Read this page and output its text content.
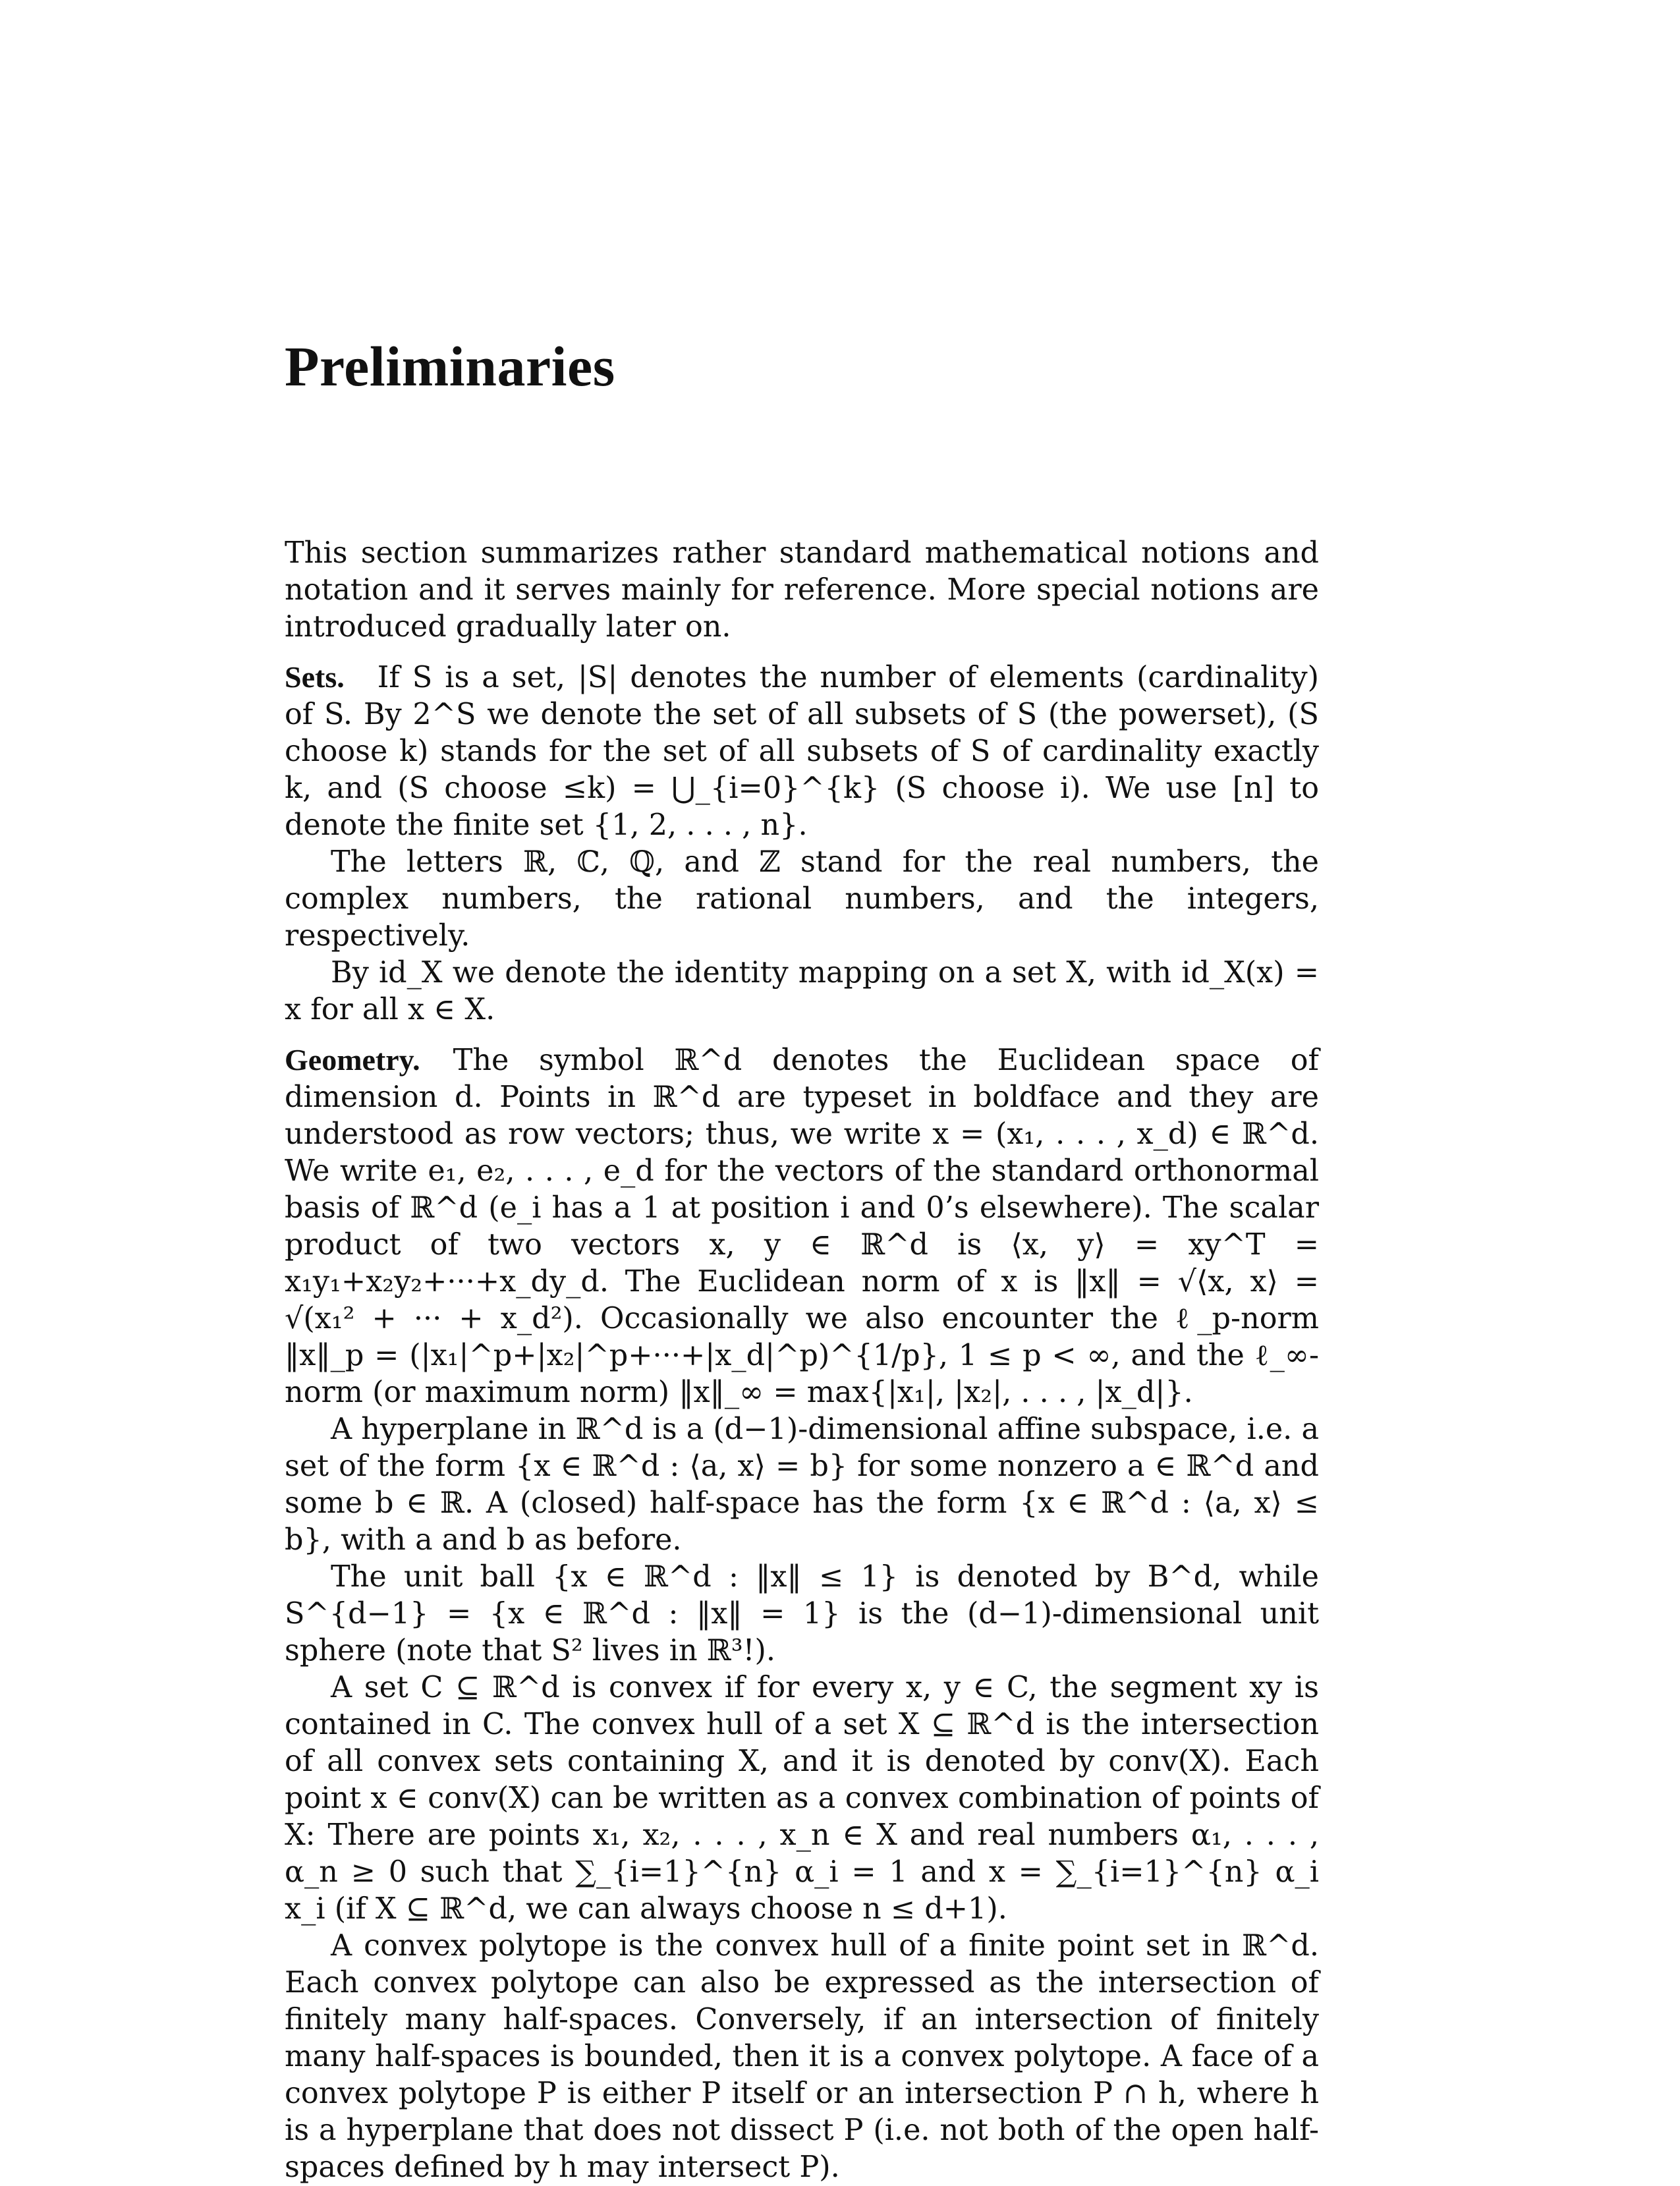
Preliminaries

This section summarizes rather standard mathematical notions and notation and it serves mainly for reference. More special notions are introduced gradually later on.

Sets. If S is a set, |S| denotes the number of elements (cardinality) of S. By 2^S we denote the set of all subsets of S (the powerset), (S choose k) stands for the set of all subsets of S of cardinality exactly k, and (S choose ≤k) = ⋃_{i=0}^{k} (S choose i). We use [n] to denote the finite set {1, 2, . . . , n}.

The letters ℝ, ℂ, ℚ, and ℤ stand for the real numbers, the complex numbers, the rational numbers, and the integers, respectively.

By id_X we denote the identity mapping on a set X, with id_X(x) = x for all x ∈ X.

Geometry. The symbol ℝ^d denotes the Euclidean space of dimension d. Points in ℝ^d are typeset in boldface and they are understood as row vectors; thus, we write x = (x₁, . . . , x_d) ∈ ℝ^d. We write e₁, e₂, . . . , e_d for the vectors of the standard orthonormal basis of ℝ^d (e_i has a 1 at position i and 0’s elsewhere). The scalar product of two vectors x, y ∈ ℝ^d is ⟨x, y⟩ = xy^T = x₁y₁+x₂y₂+···+x_dy_d. The Euclidean norm of x is ‖x‖ = √⟨x, x⟩ = √(x₁² + ··· + x_d²). Occasionally we also encounter the ℓ_p-norm ‖x‖_p = (|x₁|^p+|x₂|^p+···+|x_d|^p)^{1/p}, 1 ≤ p < ∞, and the ℓ_∞-norm (or maximum norm) ‖x‖_∞ = max{|x₁|, |x₂|, . . . , |x_d|}.

A hyperplane in ℝ^d is a (d−1)-dimensional affine subspace, i.e. a set of the form {x ∈ ℝ^d : ⟨a, x⟩ = b} for some nonzero a ∈ ℝ^d and some b ∈ ℝ. A (closed) half-space has the form {x ∈ ℝ^d : ⟨a, x⟩ ≤ b}, with a and b as before.

The unit ball {x ∈ ℝ^d : ‖x‖ ≤ 1} is denoted by B^d, while S^{d−1} = {x ∈ ℝ^d : ‖x‖ = 1} is the (d−1)-dimensional unit sphere (note that S² lives in ℝ³!).

A set C ⊆ ℝ^d is convex if for every x, y ∈ C, the segment xy is contained in C. The convex hull of a set X ⊆ ℝ^d is the intersection of all convex sets containing X, and it is denoted by conv(X). Each point x ∈ conv(X) can be written as a convex combination of points of X: There are points x₁, x₂, . . . , x_n ∈ X and real numbers α₁, . . . , α_n ≥ 0 such that ∑_{i=1}^{n} α_i = 1 and x = ∑_{i=1}^{n} α_i x_i (if X ⊆ ℝ^d, we can always choose n ≤ d+1).

A convex polytope is the convex hull of a finite point set in ℝ^d. Each convex polytope can also be expressed as the intersection of finitely many half-spaces. Conversely, if an intersection of finitely many half-spaces is bounded, then it is a convex polytope. A face of a convex polytope P is either P itself or an intersection P ∩ h, where h is a hyperplane that does not dissect P (i.e. not both of the open half-spaces defined by h may intersect P).
